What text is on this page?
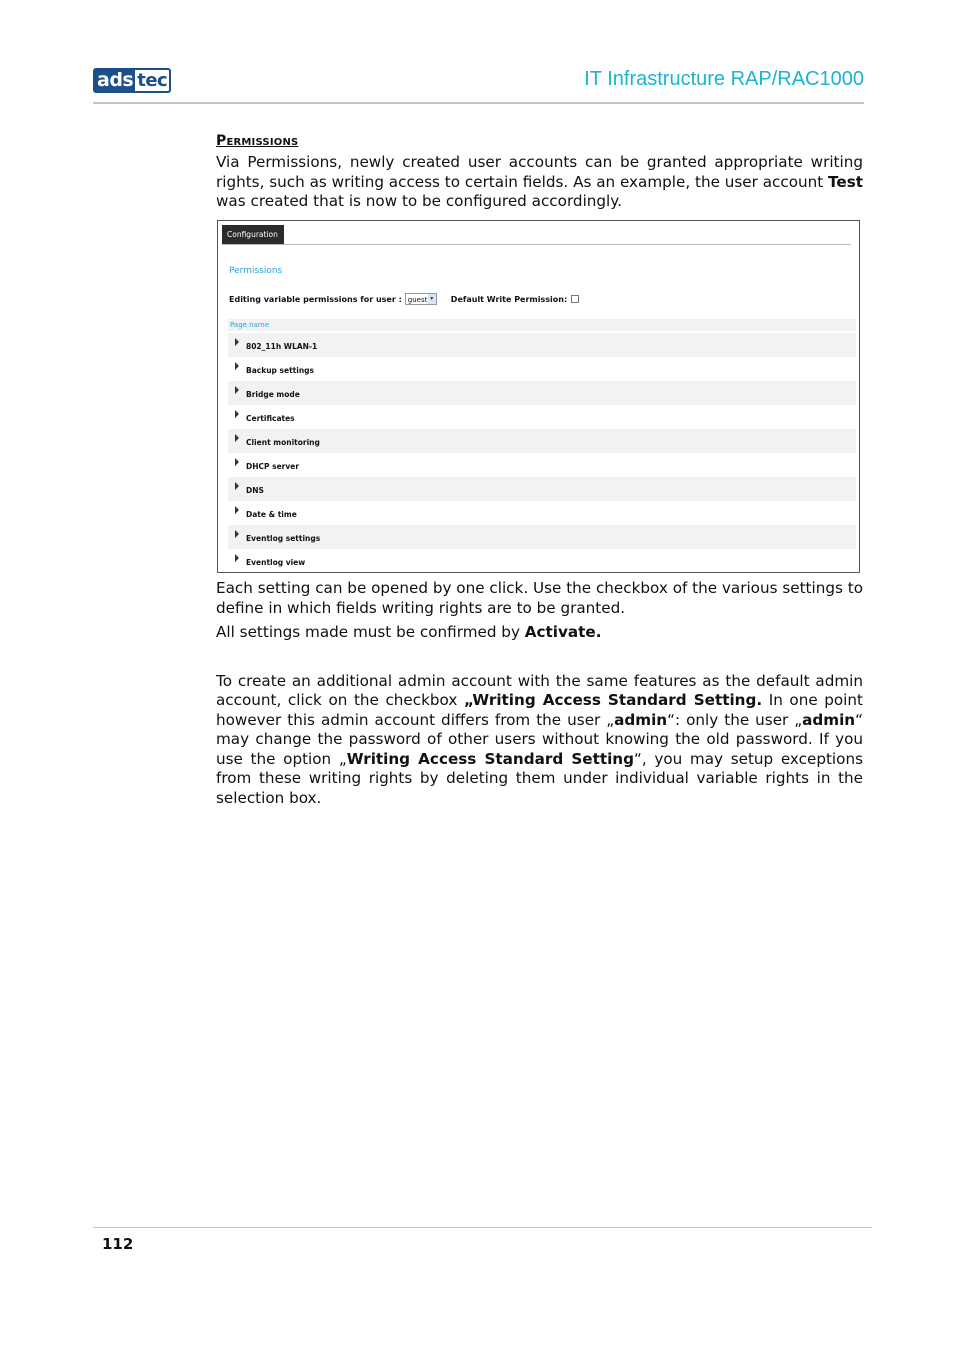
ads tec	IT Infrastructure RAP/RAC1000
Permissions

Via Permissions, newly created user accounts can be granted appropriate writing rights, such as writing access to certain fields. As an example, the user account Test was created that is now to be configured accordingly.

Configuration
Permissions
Editing variable permissions for user : guest ▾	Default Write Permission:
Page name
802_11h WLAN-1
Backup settings
Bridge mode
Certificates
Client monitoring
DHCP server
DNS
Date & time
Eventlog settings
Eventlog view

Each setting can be opened by one click. Use the checkbox of the various settings to define in which fields writing rights are to be granted.

All settings made must be confirmed by Activate.

To create an additional admin account with the same features as the default admin account, click on the checkbox „Writing Access Standard Setting. In one point however this admin account differs from the user „admin“: only the user „admin“ may change the password of other users without knowing the old password. If you use the option „Writing Access Standard Setting“, you may setup exceptions from these writing rights by deleting them under individual variable rights in the selection box.

112
